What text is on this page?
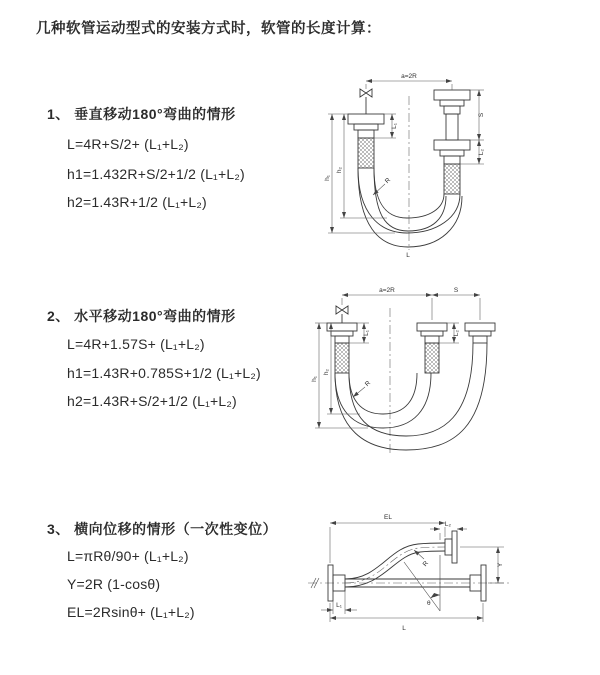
几种软管运动型式的安装方式时，软管的长度计算：
1、 垂直移动180°弯曲的情形
L=4R+S/2+ (L₁+L₂)
h1=1.432R+S/2+1/2 (L₁+L₂)
h2=1.43R+1/2 (L₁+L₂)
a=2R
h₁
h₂
L₁
S
L₂
R
L
2、 水平移动180°弯曲的情形
L=4R+1.57S+ (L₁+L₂)
h1=1.43R+0.785S+1/2 (L₁+L₂)
h2=1.43R+S/2+1/2 (L₁+L₂)
a=2R	S
h₁
h₂
L₁	L₂
R
3、 横向位移的情形（一次性变位）
L=πRθ/90+ (L₁+L₂)
Y=2R (1-cosθ)
EL=2Rsinθ+ (L₁+L₂)
θ
EL
L₂
Y
R
L₁
L
